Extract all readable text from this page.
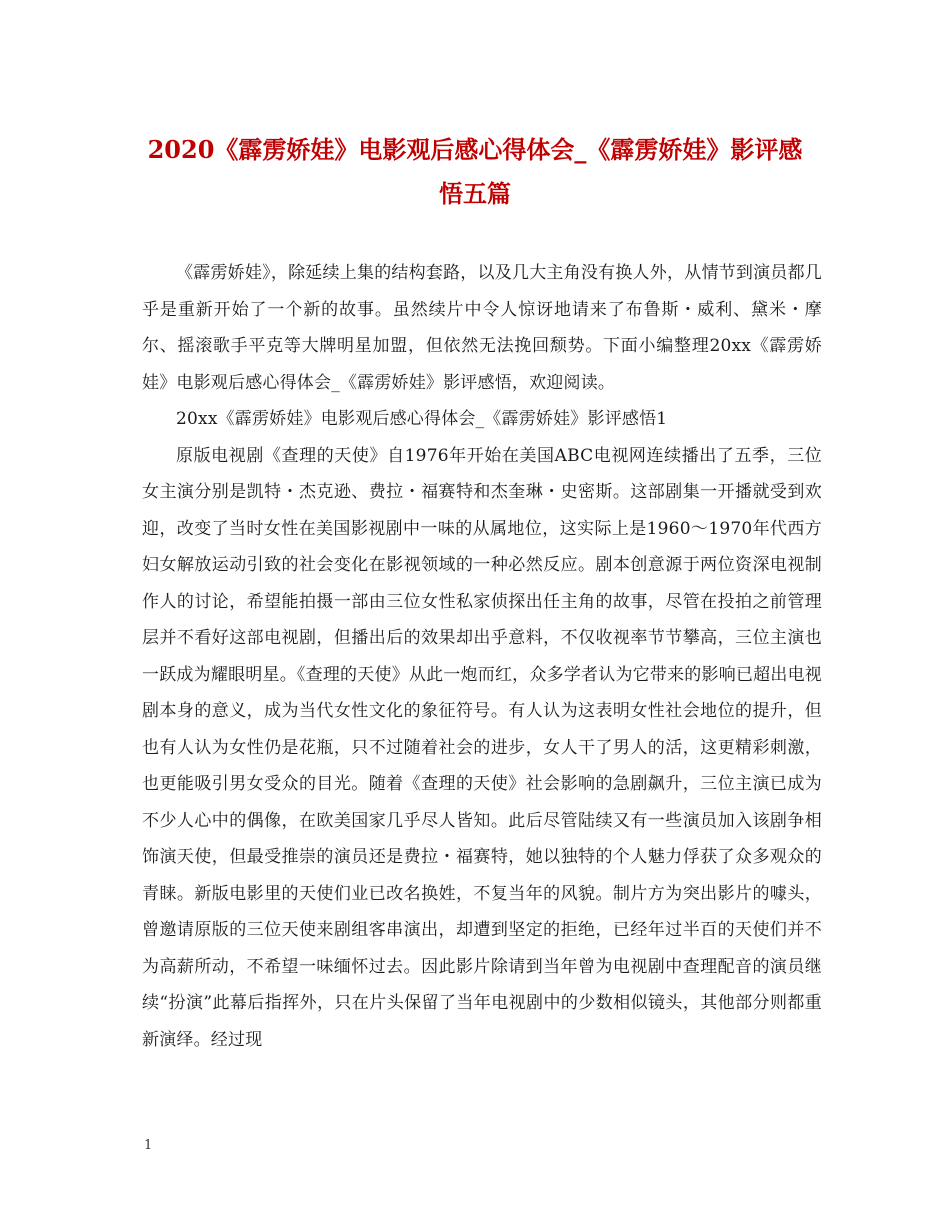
2020《霹雳娇娃》电影观后感心得体会_《霹雳娇娃》影评感悟五篇

《霹雳娇娃》，除延续上集的结构套路，以及几大主角没有换人外，从情节到演员都几乎是重新开始了一个新的故事。虽然续片中令人惊讶地请来了布鲁斯・威利、黛米・摩尔、摇滚歌手平克等大牌明星加盟，但依然无法挽回颓势。下面小编整理20xx《霹雳娇娃》电影观后感心得体会_《霹雳娇娃》影评感悟，欢迎阅读。

20xx《霹雳娇娃》电影观后感心得体会_《霹雳娇娃》影评感悟1

原版电视剧《查理的天使》自1976年开始在美国ABC电视网连续播出了五季，三位女主演分别是凯特・杰克逊、费拉・福赛特和杰奎琳・史密斯。这部剧集一开播就受到欢迎，改变了当时女性在美国影视剧中一味的从属地位，这实际上是1960～1970年代西方妇女解放运动引致的社会变化在影视领域的一种必然反应。剧本创意源于两位资深电视制作人的讨论，希望能拍摄一部由三位女性私家侦探出任主角的故事，尽管在投拍之前管理层并不看好这部电视剧，但播出后的效果却出乎意料，不仅收视率节节攀高，三位主演也一跃成为耀眼明星。《查理的天使》从此一炮而红，众多学者认为它带来的影响已超出电视剧本身的意义，成为当代女性文化的象征符号。有人认为这表明女性社会地位的提升，但也有人认为女性仍是花瓶，只不过随着社会的进步，女人干了男人的活，这更精彩刺激，也更能吸引男女受众的目光。随着《查理的天使》社会影响的急剧飙升，三位主演已成为不少人心中的偶像，在欧美国家几乎尽人皆知。此后尽管陆续又有一些演员加入该剧争相饰演天使，但最受推崇的演员还是费拉・福赛特，她以独特的个人魅力俘获了众多观众的青睐。新版电影里的天使们业已改名换姓，不复当年的风貌。制片方为突出影片的噱头，曾邀请原版的三位天使来剧组客串演出，却遭到坚定的拒绝，已经年过半百的天使们并不为高薪所动，不希望一味缅怀过去。因此影片除请到当年曾为电视剧中查理配音的演员继续“扮演”此幕后指挥外，只在片头保留了当年电视剧中的少数相似镜头，其他部分则都重新演绎。经过现

1
